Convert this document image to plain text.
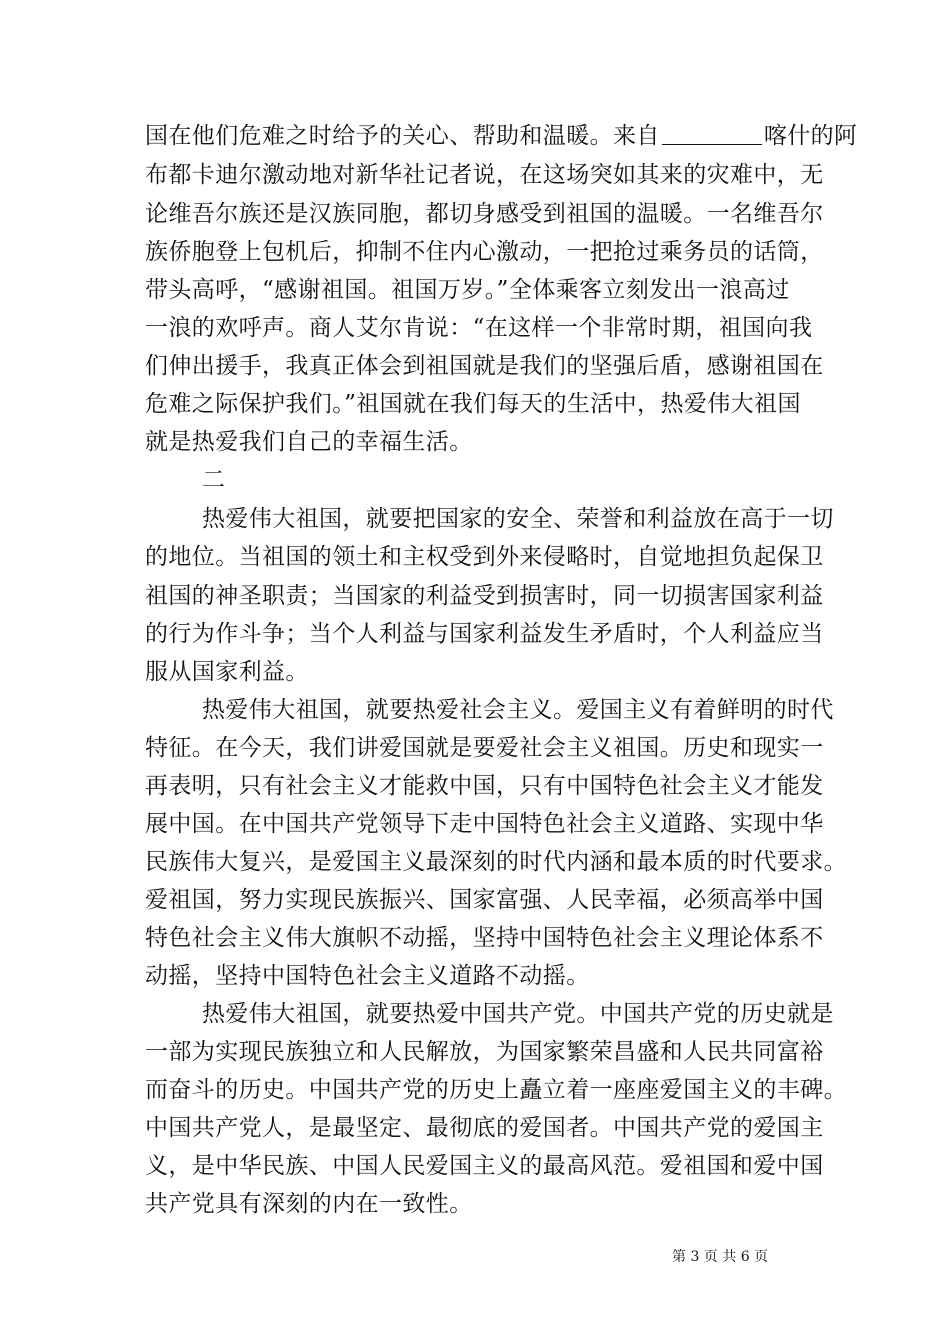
国在他们危难之时给予的关心、帮助和温暖。来自	喀什的阿
布都卡迪尔激动地对新华社记者说，在这场突如其来的灾难中，无
论维吾尔族还是汉族同胞，都切身感受到祖国的温暖。一名维吾尔
族侨胞登上包机后，抑制不住内心激动，一把抢过乘务员的话筒，
带头高呼，“感谢祖国。祖国万岁。”全体乘客立刻发出一浪高过
一浪的欢呼声。商人艾尔肯说：“在这样一个非常时期，祖国向我
们伸出援手，我真正体会到祖国就是我们的坚强后盾，感谢祖国在
危难之际保护我们。”祖国就在我们每天的生活中，热爱伟大祖国
就是热爱我们自己的幸福生活。
二
热爱伟大祖国，就要把国家的安全、荣誉和利益放在高于一切
的地位。当祖国的领土和主权受到外来侵略时，自觉地担负起保卫
祖国的神圣职责；当国家的利益受到损害时，同一切损害国家利益
的行为作斗争；当个人利益与国家利益发生矛盾时，个人利益应当
服从国家利益。
热爱伟大祖国，就要热爱社会主义。爱国主义有着鲜明的时代
特征。在今天，我们讲爱国就是要爱社会主义祖国。历史和现实一
再表明，只有社会主义才能救中国，只有中国特色社会主义才能发
展中国。在中国共产党领导下走中国特色社会主义道路、实现中华
民族伟大复兴，是爱国主义最深刻的时代内涵和最本质的时代要求。
爱祖国，努力实现民族振兴、国家富强、人民幸福，必须高举中国
特色社会主义伟大旗帜不动摇，坚持中国特色社会主义理论体系不
动摇，坚持中国特色社会主义道路不动摇。
热爱伟大祖国，就要热爱中国共产党。中国共产党的历史就是
一部为实现民族独立和人民解放，为国家繁荣昌盛和人民共同富裕
而奋斗的历史。中国共产党的历史上矗立着一座座爱国主义的丰碑。
中国共产党人，是最坚定、最彻底的爱国者。中国共产党的爱国主
义，是中华民族、中国人民爱国主义的最高风范。爱祖国和爱中国
共产党具有深刻的内在一致性。
第 3 页 共 6 页
